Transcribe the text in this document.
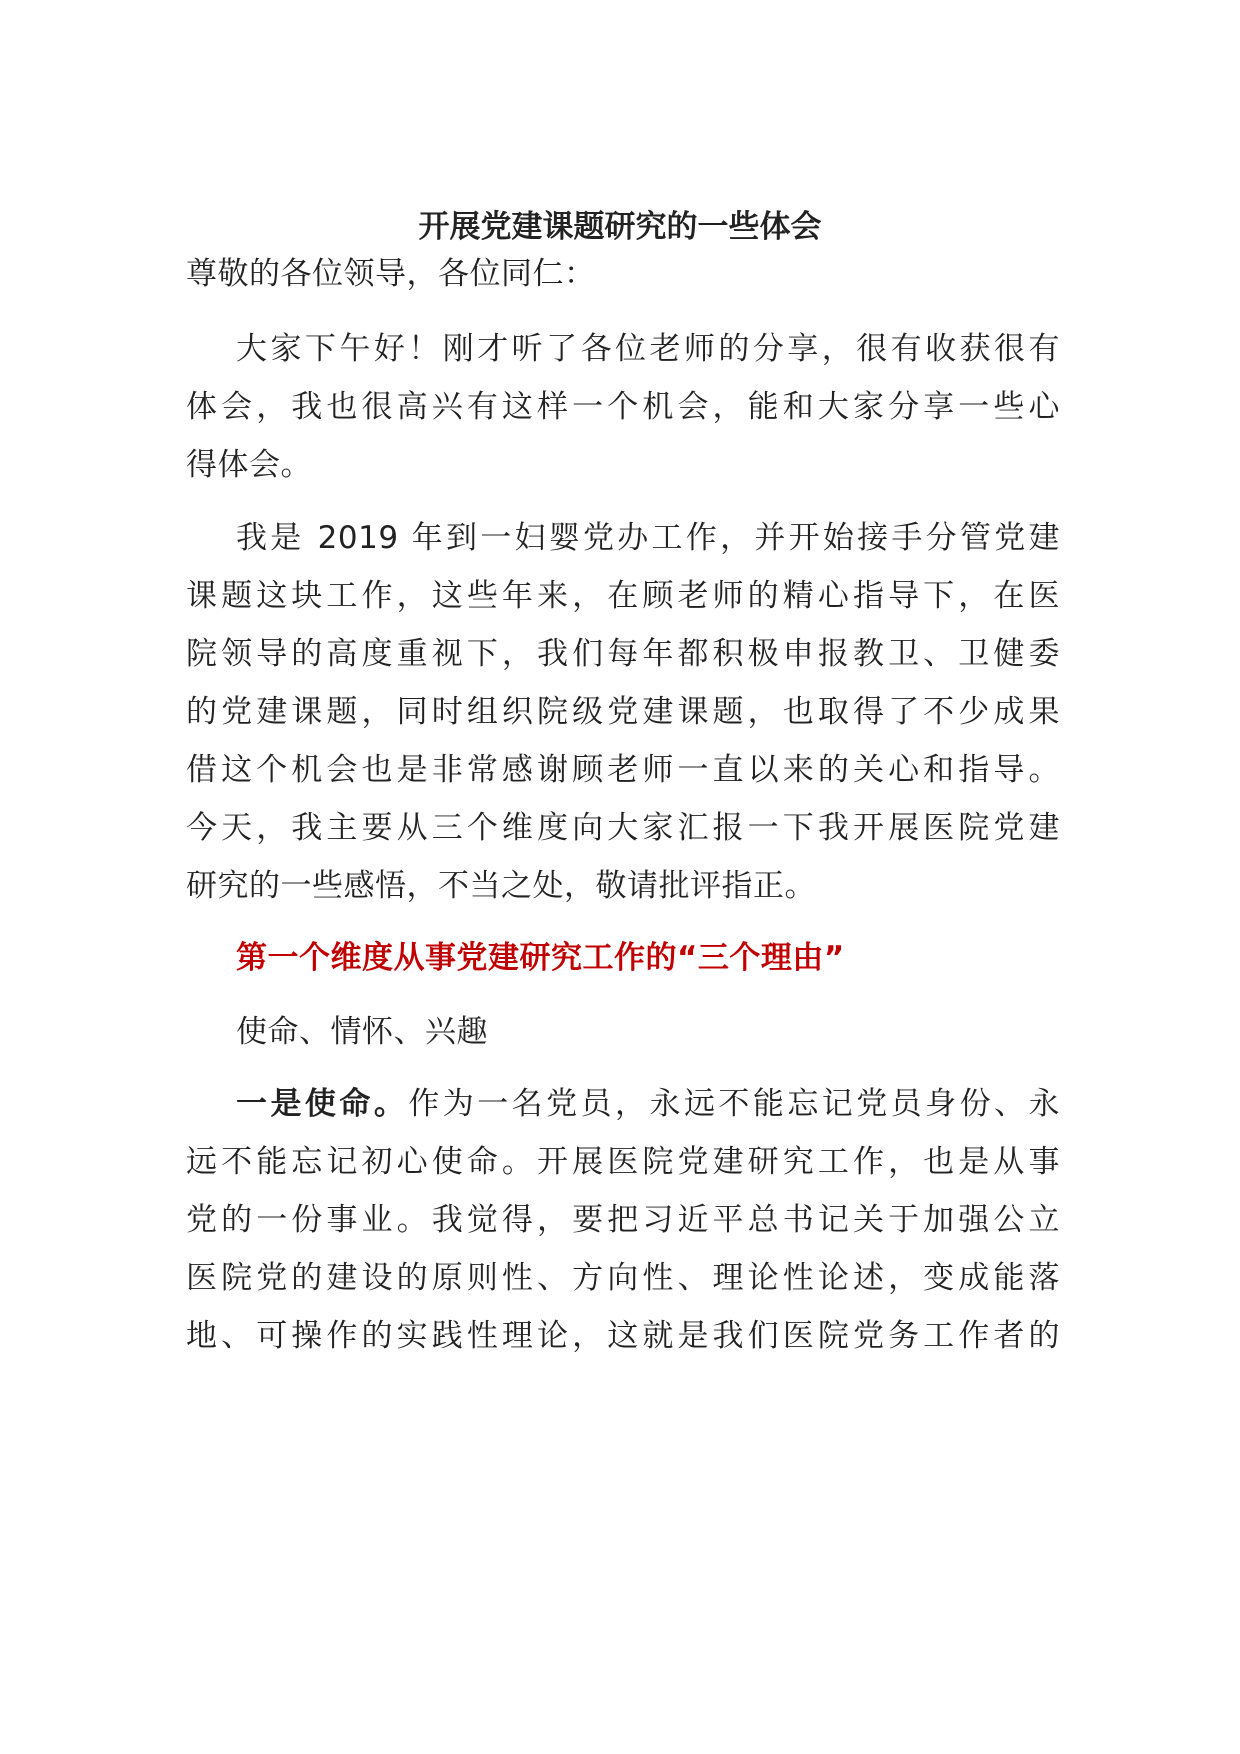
开展党建课题研究的一些体会

尊敬的各位领导，各位同仁：

大家下午好！刚才听了各位老师的分享，很有收获很有

体会，我也很高兴有这样一个机会，能和大家分享一些心

得体会。

我是 2019 年到一妇婴党办工作，并开始接手分管党建

课题这块工作，这些年来，在顾老师的精心指导下，在医

院领导的高度重视下，我们每年都积极申报教卫、卫健委

的党建课题，同时组织院级党建课题，也取得了不少成果

借这个机会也是非常感谢顾老师一直以来的关心和指导。

今天，我主要从三个维度向大家汇报一下我开展医院党建

研究的一些感悟，不当之处，敬请批评指正。

第一个维度从事党建研究工作的“三个理由”

使命、情怀、兴趣

一是使命。作为一名党员，永远不能忘记党员身份、永

远不能忘记初心使命。开展医院党建研究工作，也是从事

党的一份事业。我觉得，要把习近平总书记关于加强公立

医院党的建设的原则性、方向性、理论性论述，变成能落

地、可操作的实践性理论，这就是我们医院党务工作者的
